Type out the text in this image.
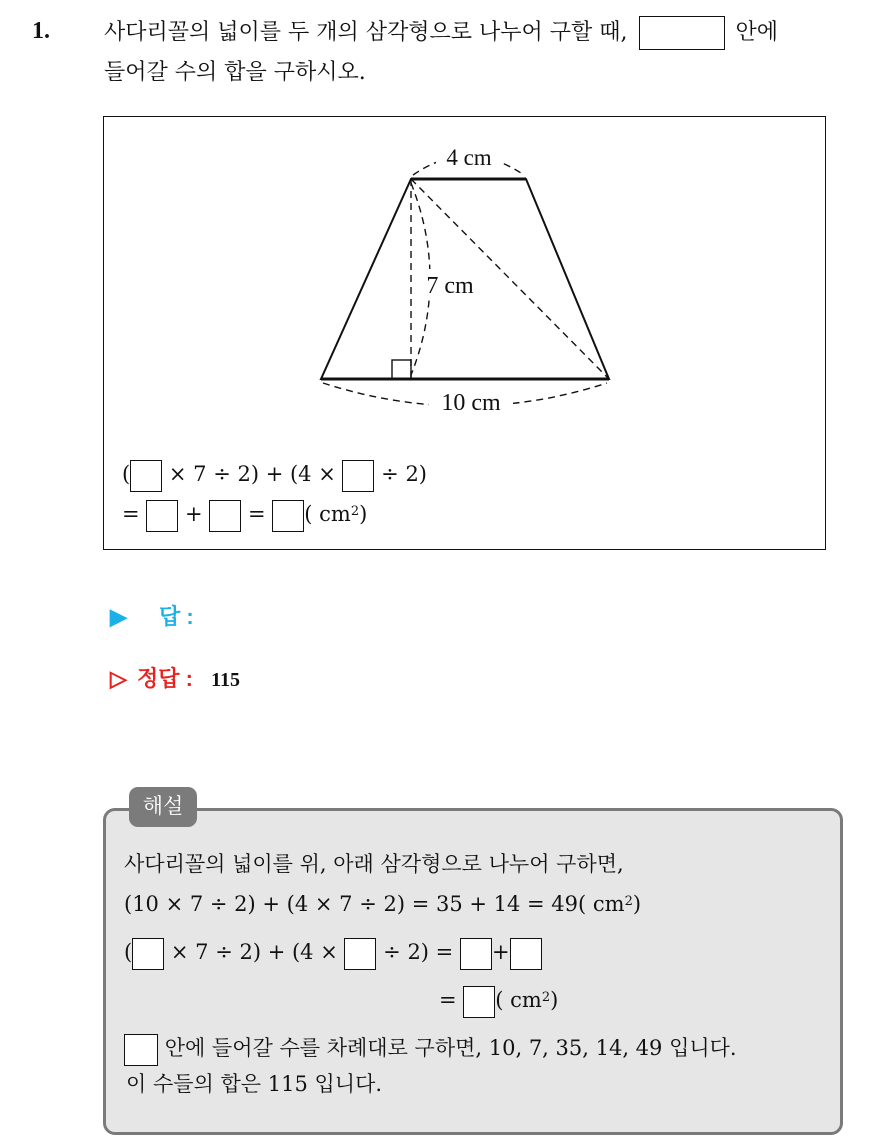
1. 사다리꼴의 넓이를 두 개의 삼각형으로 나누어 구할 때,	안에
들어갈 수의 합을 구하시오.
4 cm
7 cm
10 cm
( × 7 ÷ 2) + (4 × ÷ 2)
= + = ( $cm^2$)
▶ 답 :
▷ 정답 : 115
사다리꼴의 넓이를 위, 아래 삼각형으로 나누어 구하면,
(10 × 7 ÷ 2) + (4 × 7 ÷ 2) = 35 + 14 = 49( $cm^2$)
( × 7 ÷ 2) + (4 × ÷ 2) = +
= ( $cm^2$)
안에 들어갈 수를 차례대로 구하면, 10, 7, 35, 14, 49 입니다.
이 수들의 합은 115 입니다.
해설
